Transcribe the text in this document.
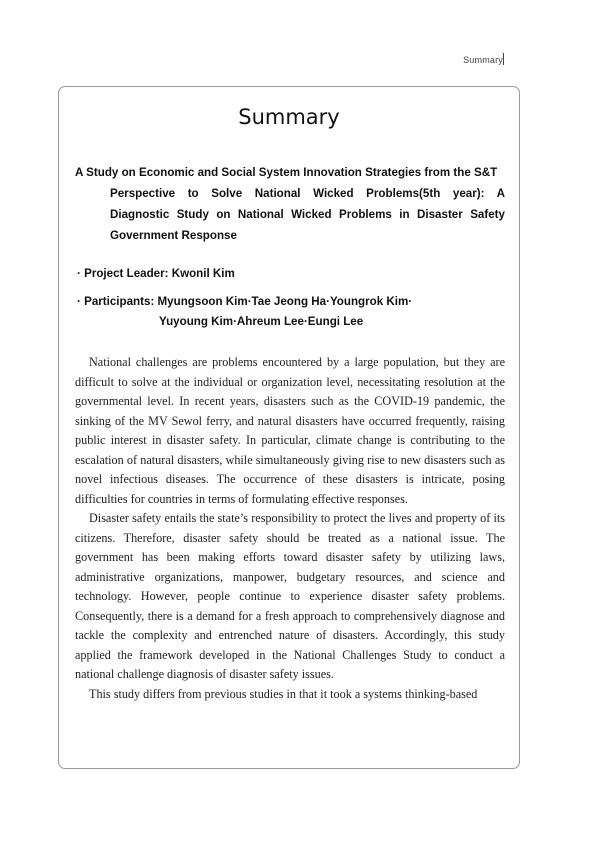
Summary
Summary
A Study on Economic and Social System Innovation Strategies from the S&T
Perspective to Solve National Wicked Problems(5th year): A
Diagnostic Study on National Wicked Problems in Disaster Safety
Government Response
· Project Leader: Kwonil Kim
· Participants: Myungsoon Kim·Tae Jeong Ha·Youngrok Kim·
Yuyoung Kim·Ahreum Lee·Eungi Lee

National challenges are problems encountered by a large population, but they are difficult to solve at the individual or organization level, necessitating resolution at the governmental level. In recent years, disasters such as the COVID-19 pandemic, the sinking of the MV Sewol ferry, and natural disasters have occurred frequently, raising public interest in disaster safety. In particular, climate change is contributing to the escalation of natural disasters, while simultaneously giving rise to new disasters such as novel infectious diseases. The occurrence of these disasters is intricate, posing difficulties for countries in terms of formulating effective responses.

Disaster safety entails the state’s responsibility to protect the lives and property of its citizens. Therefore, disaster safety should be treated as a national issue. The government has been making efforts toward disaster safety by utilizing laws, administrative organizations, manpower, budgetary resources, and science and technology. However, people continue to experience disaster safety problems. Consequently, there is a demand for a fresh approach to comprehensively diagnose and tackle the complexity and entrenched nature of disasters. Accordingly, this study applied the framework developed in the National Challenges Study to conduct a national challenge diagnosis of disaster safety issues.

This study differs from previous studies in that it took a systems thinking-based
